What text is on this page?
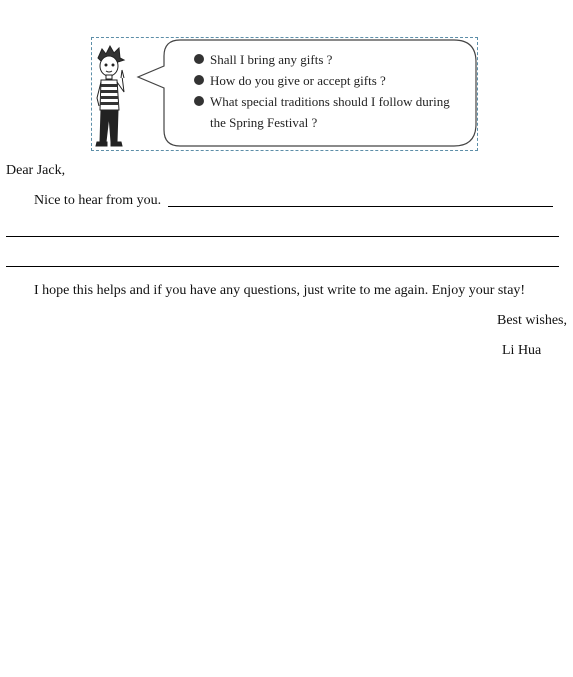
Shall I bring any gifts ?
How do you give or accept gifts ?
What special traditions should I follow during
the Spring Festival ?
Dear Jack,
Nice to hear from you.
I hope this helps and if you have any questions, just write to me again. Enjoy your stay!
Best wishes,
Li Hua
